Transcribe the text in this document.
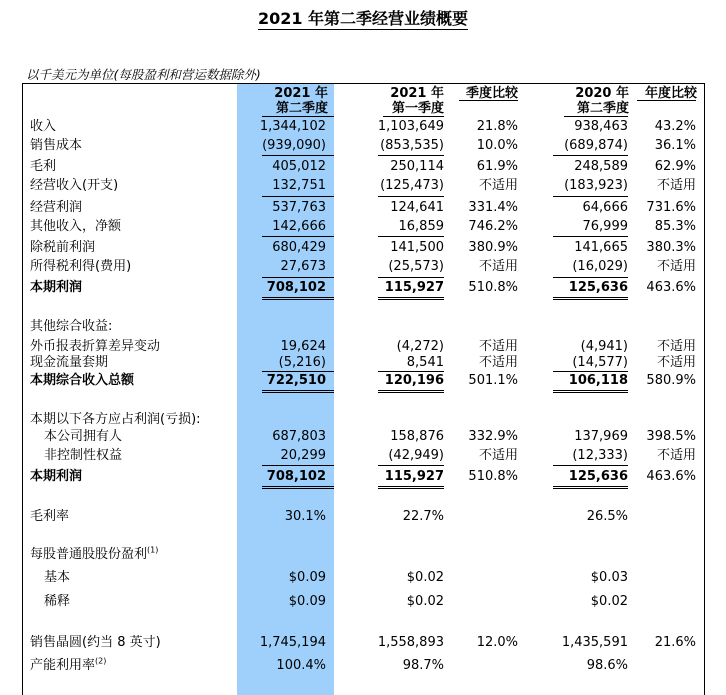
2021 年第二季经营业绩概要
以千美元为单位(每股盈利和营运数据除外)
2021 年
第二季度
2021 年
第一季度
季度比较	2020 年
第二季度
年度比较
收入	1,344,102	1,103,649	21.8%	938,463 43.2%
销售成本	(939,090)	(853,535)	10.0%	(689,874) 36.1%
毛利	405,012	250,114	61.9%	248,589 62.9%
经营收入(开支)	132,751	(125,473)	不适用	(183,923) 不适用
经营利润	537,763	124,641 331.4%	64,666 731.6%
其他收入，净额	142,666	16,859 746.2%	76,999 85.3%
除税前利润	680,429	141,500 380.9%	141,665 380.3%
所得税利得(费用)	27,673	(25,573)	不适用	(16,029) 不适用
本期利润	708,102	115,927 510.8%	125,636 463.6%
其他综合收益:
外币报表折算差异变动	19,624	(4,272)	不适用	(4,941) 不适用
现金流量套期	(5,216)	8,541	不适用	(14,577) 不适用
本期综合收入总额	722,510	120,196 501.1%	106,118 580.9%
本期以下各方应占利润(亏损):
本公司拥有人	687,803	158,876 332.9%	137,969 398.5%
非控制性权益	20,299	(42,949)	不适用	(12,333) 不适用
本期利润	708,102	115,927 510.8%	125,636 463.6%
毛利率	30.1%	22.7%	26.5%
每股普通股股份盈利$^{(1)}$
基本	$0.09	$0.02	$0.03
稀释	$0.09	$0.02	$0.02
销售晶圆(约当 8 英寸)	1,745,194	1,558,893	12.0%	1,435,591 21.6%
产能利用率$^{(2)}$	100.4%	98.7%	98.6%
